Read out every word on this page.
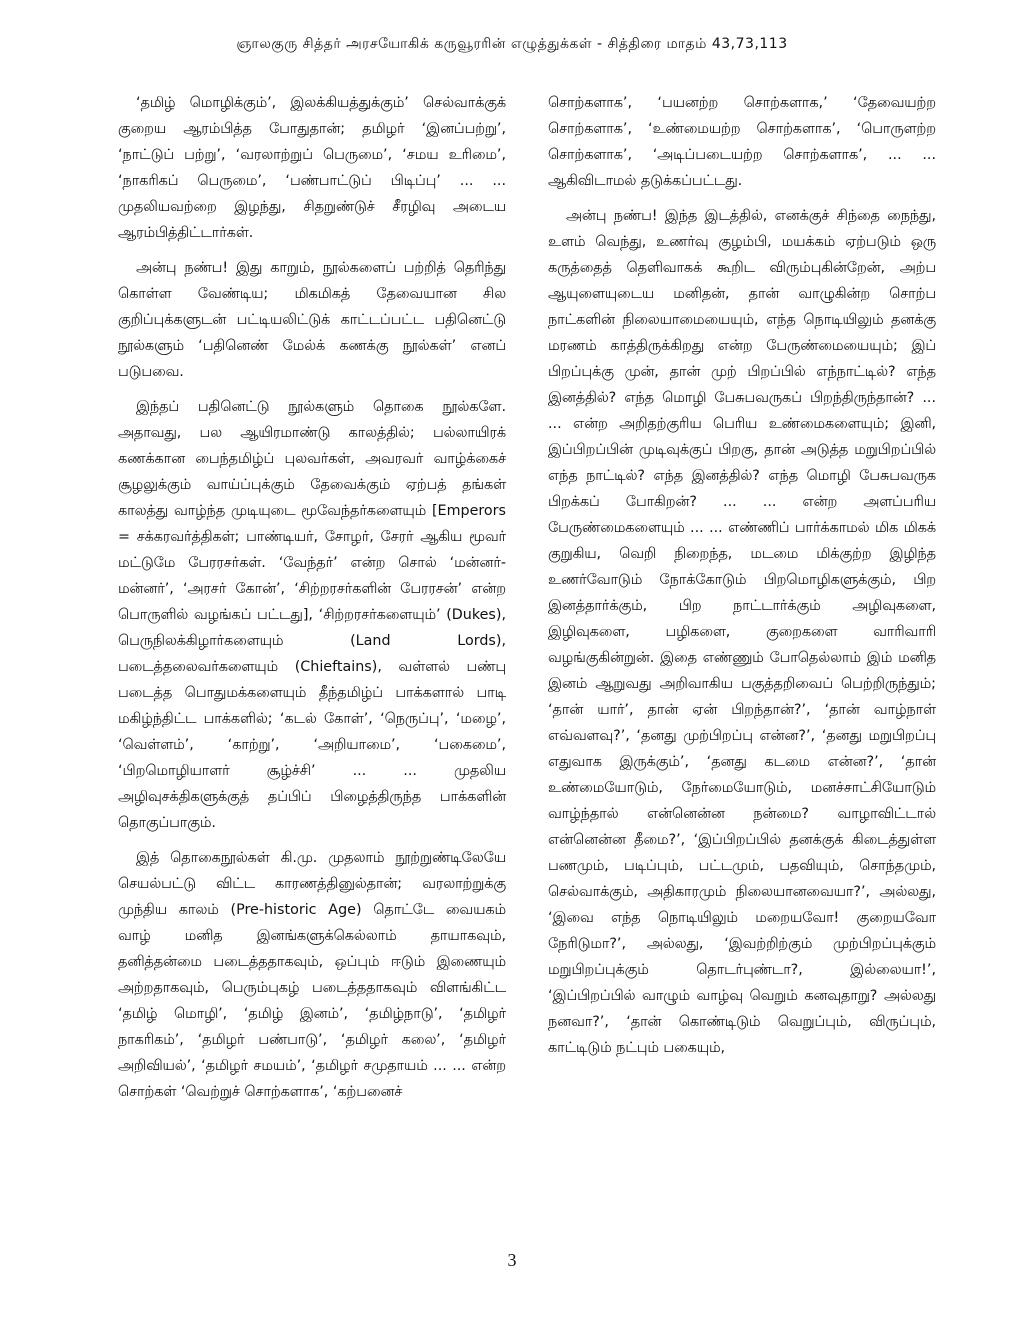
ஞாலகுரு சித்தர் அரசயோகிக் கருவூரரின் எழுத்துக்கள் - சித்திரை மாதம் 43,73,113

‘தமிழ் மொழிக்கும்’, இலக்கியத்துக்கும்’ செல்வாக்குக் குறைய ஆரம்பித்த போதுதான்; தமிழர் ‘இனப்பற்று’, ‘நாட்டுப் பற்று’, ‘வரலாற்றுப் பெருமை’, ‘சமய உரிமை’, ‘நாகரிகப் பெருமை’, ‘பண்பாட்டுப் பிடிப்பு’ ... ... முதலியவற்றை இழந்து, சிதறுண்டுச் சீரழிவு அடைய ஆரம்பித்திட்டார்கள்.

அன்பு நண்ப! இது காறும், நூல்களைப் பற்றித் தெரிந்து கொள்ள வேண்டிய; மிகமிகத் தேவையான சில குறிப்புக்களுடன் பட்டியலிட்டுக் காட்டப்பட்ட பதினெட்டு நூல்களும் ‘பதினெண் மேல்க் கணக்கு நூல்கள்’ எனப் படுபவை.

இந்தப் பதினெட்டு நூல்களும் தொகை நூல்களே. அதாவது, பல ஆயிரமாண்டு காலத்தில்; பல்லாயிரக் கணக்கான பைந்தமிழ்ப் புலவர்கள், அவரவர் வாழ்க்கைச் சூழலுக்கும் வாய்ப்புக்கும் தேவைக்கும் ஏற்பத் தங்கள் காலத்து வாழ்ந்த முடியுடை மூவேந்தர்களையும் [Emperors = சக்கரவர்த்திகள்; பாண்டியர், சோழர், சேரர் ஆகிய மூவர் மட்டுமே பேரரசர்கள். ‘வேந்தர்’ என்ற சொல் ‘மன்னர்-மன்னர்’, ‘அரசர் கோன்’, ‘சிற்றரசர்களின் பேரரசன்’ என்ற பொருளில் வழங்கப் பட்டது], ‘சிற்றரசர்களையும்’ (Dukes), பெருநிலக்கிழார்களையும் (Land Lords), படைத்தலைவர்களையும் (Chieftains), வள்ளல் பண்பு படைத்த பொதுமக்களையும் தீந்தமிழ்ப் பாக்களால் பாடி மகிழ்ந்திட்ட பாக்களில்; ‘கடல் கோள்’, ‘நெருப்பு’, ‘மழை’, ‘வெள்ளம்’, ‘காற்று’, ‘அறியாமை’, ‘பகைமை’, ‘பிறமொழியாளர் சூழ்ச்சி’ ... ... முதலிய அழிவுசக்திகளுக்குத் தப்பிப் பிழைத்திருந்த பாக்களின் தொகுப்பாகும்.

இத் தொகைநூல்கள் கி.மு. முதலாம் நூற்றுண்டிலேயே செயல்பட்டு விட்ட காரணத்தினுல்தான்; வரலாற்றுக்கு முந்திய காலம் (Pre-historic Age) தொட்டே வையகம் வாழ் மனித இனங்களுக்கெல்லாம் தாயாகவும், தனித்தன்மை படைத்ததாகவும், ஒப்பும் ஈடும் இணையும் அற்றதாகவும், பெரும்புகழ் படைத்ததாகவும் விளங்கிட்ட ‘தமிழ் மொழி’, ‘தமிழ் இனம்’, ‘தமிழ்நாடு’, ‘தமிழர் நாகரிகம்’, ‘தமிழர் பண்பாடு’, ‘தமிழர் கலை’, ‘தமிழர் அறிவியல்’, ‘தமிழர் சமயம்’, ‘தமிழர் சமுதாயம் ... ... என்ற சொற்கள் ‘வெற்றுச் சொற்களாக’, ‘கற்பனைச்

சொற்களாக’, ‘பயனற்ற சொற்களாக,’ ‘தேவையற்ற சொற்களாக’, ‘உண்மையற்ற சொற்களாக’, ‘பொருளற்ற சொற்களாக’, ‘அடிப்படையற்ற சொற்களாக’, ... ... ஆகிவிடாமல் தடுக்கப்பட்டது.

அன்பு நண்ப! இந்த இடத்தில், எனக்குச் சிந்தை நைந்து, உளம் வெந்து, உணர்வு குழம்பி, மயக்கம் ஏற்படும் ஒரு கருத்தைத் தெளிவாகக் கூறிட விரும்புகின்றேன், அற்ப ஆயுளையுடைய மனிதன், தான் வாழுகின்ற சொற்ப நாட்களின் நிலையாமையையும், எந்த நொடியிலும் தனக்கு மரணம் காத்திருக்கிறது என்ற பேருண்மையையும்; இப் பிறப்புக்கு முன், தான் முற் பிறப்பில் எந்நாட்டில்? எந்த இனத்தில்? எந்த மொழி பேசுபவருகப் பிறந்திருந்தான்? ... ... என்ற அறிதற்குரிய பெரிய உண்மைகளையும்; இனி, இப்பிறப்பின் முடிவுக்குப் பிறகு, தான் அடுத்த மறுபிறப்பில் எந்த நாட்டில்? எந்த இனத்தில்? எந்த மொழி பேசுபவருக பிறக்கப் போகிறன்? ... ... என்ற அளப்பரிய பேருண்மைகளையும் ... ... எண்ணிப் பார்க்காமல் மிக மிகக் குறுகிய, வெறி நிறைந்த, மடமை மிக்குற்ற இழிந்த உணர்வோடும் நோக்கோடும் பிறமொழிகளுக்கும், பிற இனத்தார்க்கும், பிற நாட்டார்க்கும் அழிவுகளை, இழிவுகளை, பழிகளை, குறைகளை வாரிவாரி வழங்குகின்றுன். இதை எண்ணும் போதெல்லாம் இம் மனித இனம் ஆறுவது அறிவாகிய பகுத்தறிவைப் பெற்றிருந்தும்; ‘தான் யார்’, தான் ஏன் பிறந்தான்?’, ‘தான் வாழ்நாள் எவ்வளவு?’, ‘தனது முற்பிறப்பு என்ன?’, ‘தனது மறுபிறப்பு எதுவாக இருக்கும்’, ‘தனது கடமை என்ன?’, ‘தான் உண்மையோடும், நேர்மையோடும், மனச்சாட்சியோடும் வாழ்ந்தால் என்னென்ன நன்மை? வாழாவிட்டால் என்னென்ன தீமை?’, ‘இப்பிறப்பில் தனக்குக் கிடைத்துள்ள பணமும், படிப்பும், பட்டமும், பதவியும், சொந்தமும், செல்வாக்கும், அதிகாரமும் நிலையானவையா?’, அல்லது, ‘இவை எந்த நொடியிலும் மறையவோ! குறையவோ நேரிடுமா?’, அல்லது, ‘இவற்றிற்கும் முற்பிறப்புக்கும் மறுபிறப்புக்கும் தொடர்புண்டா?, இல்லையா!’, ‘இப்பிறப்பில் வாழும் வாழ்வு வெறும் கனவுதாறு? அல்லது நனவா?’, ‘தான் கொண்டிடும் வெறுப்பும், விருப்பும், காட்டிடும் நட்பும் பகையும்,

3
